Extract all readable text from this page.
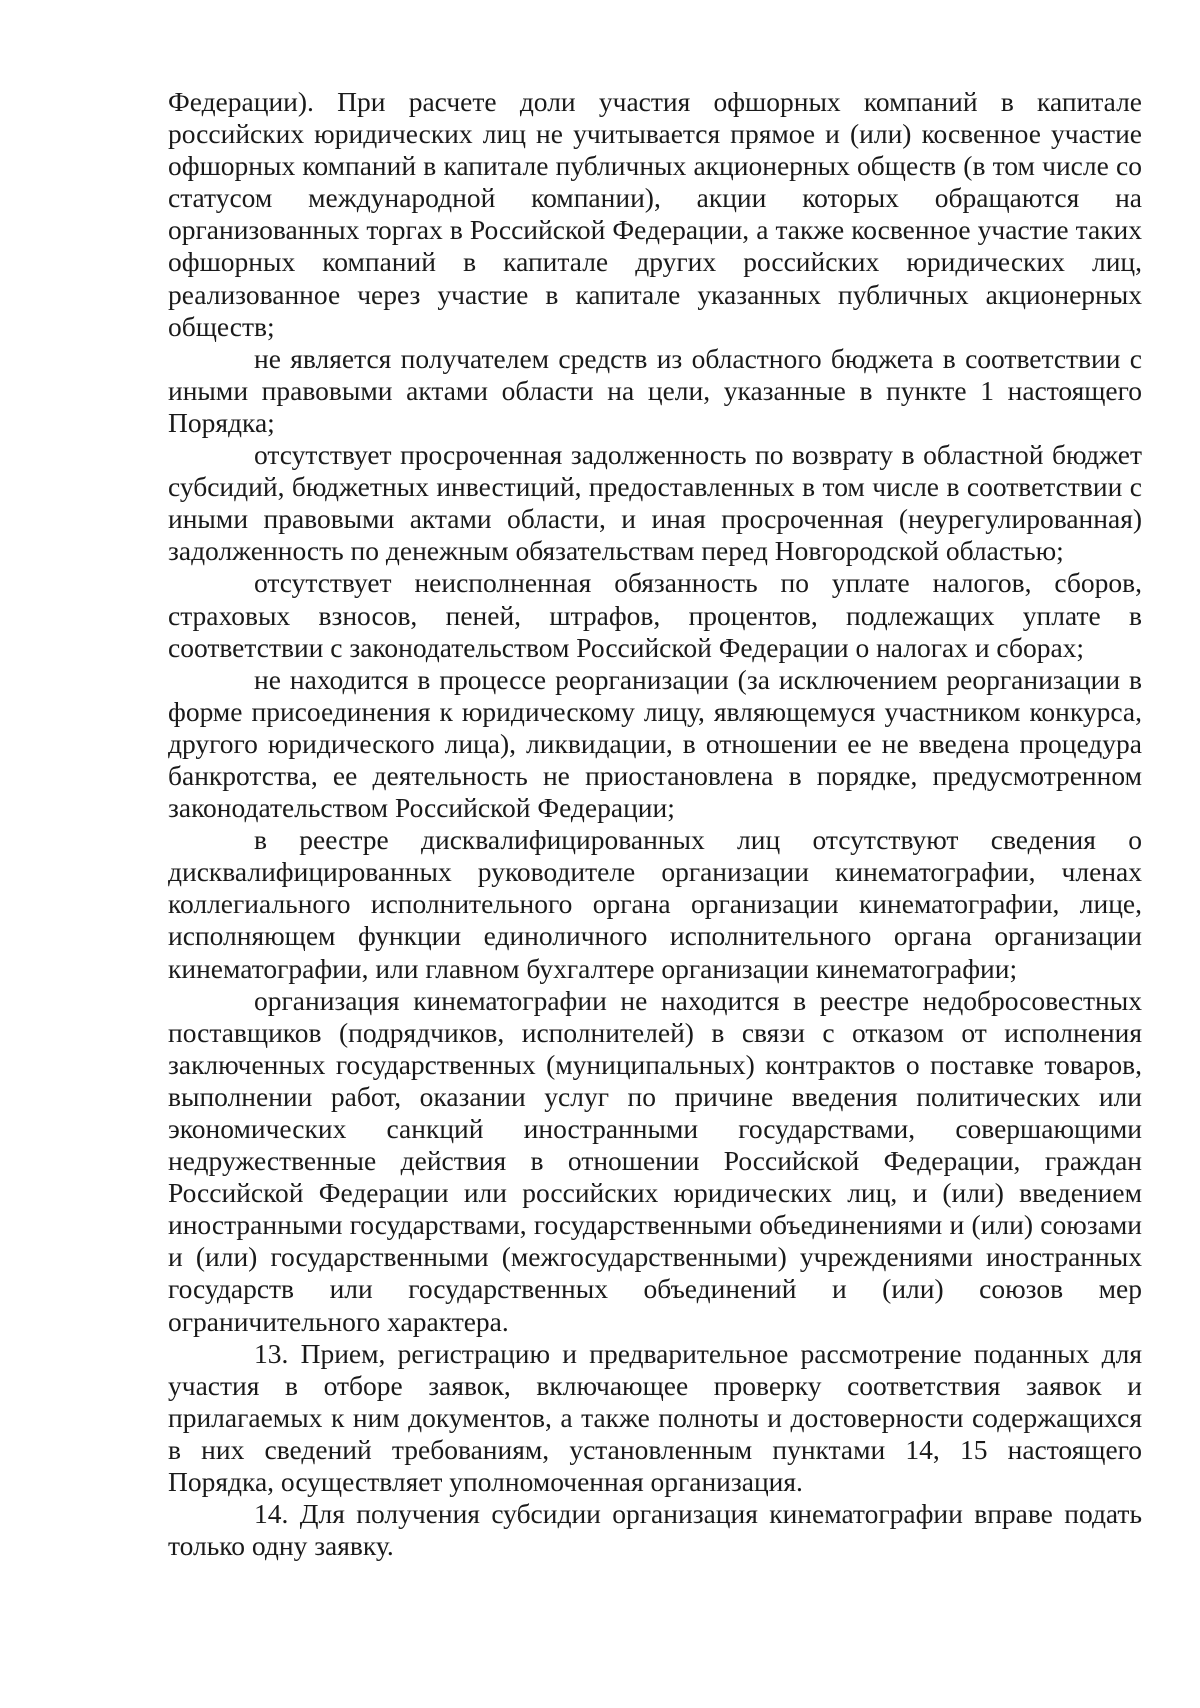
Федерации). При расчете доли участия офшорных компаний в капитале российских юридических лиц не учитывается прямое и (или) косвенное участие офшорных компаний в капитале публичных акционерных обществ (в том числе со статусом международной компании), акции которых обращаются на организованных торгах в Российской Федерации, а также косвенное участие таких офшорных компаний в капитале других российских юридических лиц, реализованное через участие в капитале указанных публичных акционерных обществ;

не является получателем средств из областного бюджета в соответствии с иными правовыми актами области на цели, указанные в пункте 1 настоящего Порядка;

отсутствует просроченная задолженность по возврату в областной бюджет субсидий, бюджетных инвестиций, предоставленных в том числе в соответствии с иными правовыми актами области, и иная просроченная (неурегулированная) задолженность по денежным обязательствам перед Новгородской областью;

отсутствует неисполненная обязанность по уплате налогов, сборов, страховых взносов, пеней, штрафов, процентов, подлежащих уплате в соответствии с законодательством Российской Федерации о налогах и сборах;

не находится в процессе реорганизации (за исключением реорганизации в форме присоединения к юридическому лицу, являющемуся участником конкурса, другого юридического лица), ликвидации, в отношении ее не введена процедура банкротства, ее деятельность не приостановлена в порядке, предусмотренном законодательством Российской Федерации;

в реестре дисквалифицированных лиц отсутствуют сведения о дисквалифицированных руководителе организации кинематографии, членах коллегиального исполнительного органа организации кинематографии, лице, исполняющем функции единоличного исполнительного органа организации кинематографии, или главном бухгалтере организации кинематографии;

организация кинематографии не находится в реестре недобросовестных поставщиков (подрядчиков, исполнителей) в связи с отказом от исполнения заключенных государственных (муниципальных) контрактов о поставке товаров, выполнении работ, оказании услуг по причине введения политических или экономических санкций иностранными государствами, совершающими недружественные действия в отношении Российской Федерации, граждан Российской Федерации или российских юридических лиц, и (или) введением иностранными государствами, государственными объединениями и (или) союзами и (или) государственными (межгосударственными) учреждениями иностранных государств или государственных объединений и (или) союзов мер ограничительного характера.

13. Прием, регистрацию и предварительное рассмотрение поданных для участия в отборе заявок, включающее проверку соответствия заявок и прилагаемых к ним документов, а также полноты и достоверности содержащихся в них сведений требованиям, установленным пунктами 14, 15 настоящего Порядка, осуществляет уполномоченная организация.

14. Для получения субсидии организация кинематографии вправе подать только одну заявку.
